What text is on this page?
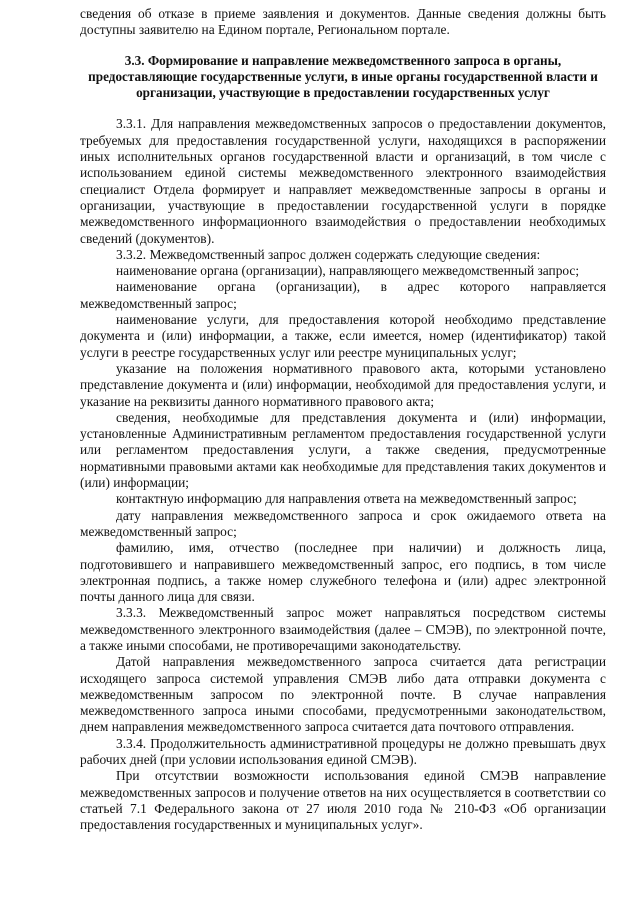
сведения об отказе в приеме заявления и документов. Данные сведения должны быть доступны заявителю на Едином портале, Региональном портале.

3.3. Формирование и направление межведомственного запроса в органы, предоставляющие государственные услуги, в иные органы государственной власти и организации, участвующие в предоставлении государственных услуг

3.3.1. Для направления межведомственных запросов о предоставлении документов, требуемых для предоставления государственной услуги, находящихся в распоряжении иных исполнительных органов государственной власти и организаций, в том числе с использованием единой системы межведомственного электронного взаимодействия специалист Отдела формирует и направляет межведомственные запросы в органы и организации, участвующие в предоставлении государственной услуги в порядке межведомственного информационного взаимодействия о предоставлении необходимых сведений (документов).

3.3.2. Межведомственный запрос должен содержать следующие сведения:

наименование органа (организации), направляющего межведомственный запрос;

наименование органа (организации), в адрес которого направляется межведомственный запрос;

наименование услуги, для предоставления которой необходимо представление документа и (или) информации, а также, если имеется, номер (идентификатор) такой услуги в реестре государственных услуг или реестре муниципальных услуг;

указание на положения нормативного правового акта, которыми установлено представление документа и (или) информации, необходимой для предоставления услуги, и указание на реквизиты данного нормативного правового акта;

сведения, необходимые для представления документа и (или) информации, установленные Административным регламентом предоставления государственной услуги или регламентом предоставления услуги, а также сведения, предусмотренные нормативными правовыми актами как необходимые для представления таких документов и (или) информации;

контактную информацию для направления ответа на межведомственный запрос;

дату направления межведомственного запроса и срок ожидаемого ответа на межведомственный запрос;

фамилию, имя, отчество (последнее при наличии) и должность лица, подготовившего и направившего межведомственный запрос, его подпись, в том числе электронная подпись, а также номер служебного телефона и (или) адрес электронной почты данного лица для связи.

3.3.3. Межведомственный запрос может направляться посредством системы межведомственного электронного взаимодействия (далее – СМЭВ), по электронной почте, а также иными способами, не противоречащими законодательству.

Датой направления межведомственного запроса считается дата регистрации исходящего запроса системой управления СМЭВ либо дата отправки документа с межведомственным запросом по электронной почте. В случае направления межведомственного запроса иными способами, предусмотренными законодательством, днем направления межведомственного запроса считается дата почтового отправления.

3.3.4. Продолжительность административной процедуры не должно превышать двух рабочих дней (при условии использования единой СМЭВ).

При отсутствии возможности использования единой СМЭВ направление межведомственных запросов и получение ответов на них осуществляется в соответствии со статьей 7.1 Федерального закона от 27 июля 2010 года № 210-ФЗ «Об организации предоставления государственных и муниципальных услуг».
